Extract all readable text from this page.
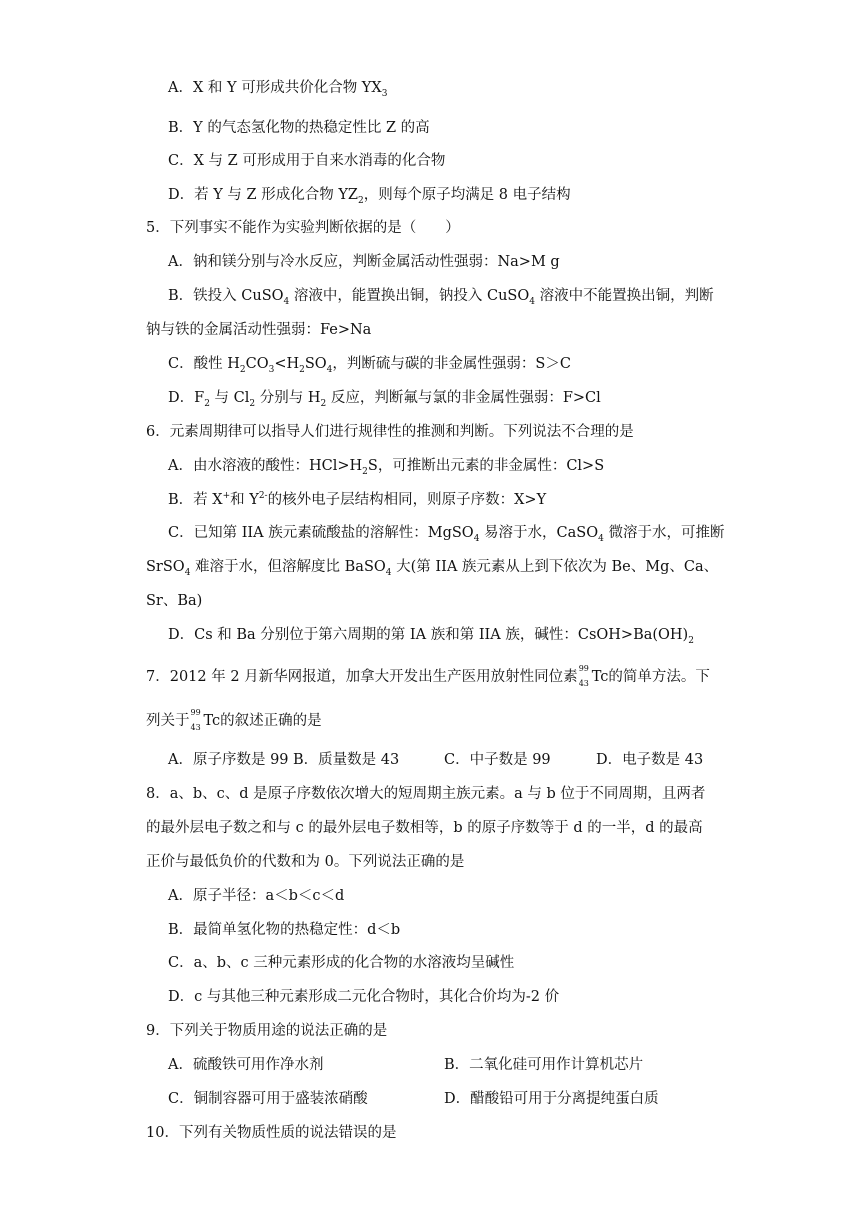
A．X 和 Y 可形成共价化合物 $YX_3$
B．Y 的气态氢化物的热稳定性比 Z 的高
C．X 与 Z 可形成用于自来水消毒的化合物
D．若 Y 与 Z 形成化合物 $YZ_2$，则每个原子均满足 8 电子结构
5．下列事实不能作为实验判断依据的是（　　）
A．钠和镁分别与冷水反应，判断金属活动性强弱：Na>M g
B．铁投入 CuSO$_4$ 溶液中，能置换出铜，钠投入 CuSO$_4$ 溶液中不能置换出铜，判断
钠与铁的金属活动性强弱：Fe>Na
C．酸性 $H_2CO_3<H_2SO_4$，判断硫与碳的非金属性强弱：S＞C
D．$F_2$ 与 $Cl_2$ 分别与 $H_2$ 反应，判断氟与氯的非金属性强弱：F>Cl
6．元素周期律可以指导人们进行规律性的推测和判断。下列说法不合理的是
A．由水溶液的酸性：$HCl>H_2S$，可推断出元素的非金属性：Cl>S
B．若 X+和 $Y^{2-}$的核外电子层结构相同，则原子序数：X>Y
C．已知第 IIA 族元素硫酸盐的溶解性：MgSO$_4$ 易溶于水，CaSO$_4$ 微溶于水，可推断
SrSO$_4$ 难溶于水，但溶解度比 BaSO$_4$ 大(第 IIA 族元素从上到下依次为 Be、Mg、Ca、
Sr、Ba)
D．Cs 和 Ba 分别位于第六周期的第 IA 族和第 IIA 族，碱性：$CsOH>Ba(OH)_2$
7．2012 年 2 月新华网报道，加拿大开发出生产医用放射性同位素
99
43 Tc的简单方法。下
列关于
99
43 Tc的叙述正确的是
A．原子序数是 99 B．质量数是 43	C．中子数是 99	D．电子数是 43
8．a、b、c、d 是原子序数依次增大的短周期主族元素。a 与 b 位于不同周期，且两者
的最外层电子数之和与 c 的最外层电子数相等，b 的原子序数等于 d 的一半，d 的最高
正价与最低负价的代数和为 0。下列说法正确的是
A．原子半径：a＜b＜c＜d
B．最简单氢化物的热稳定性：d＜b
C．a、b、c 三种元素形成的化合物的水溶液均呈碱性
D．c 与其他三种元素形成二元化合物时，其化合价均为-2 价
9．下列关于物质用途的说法正确的是
A．硫酸铁可用作净水剂	B．二氧化硅可用作计算机芯片
C．铜制容器可用于盛装浓硝酸	D．醋酸铅可用于分离提纯蛋白质
10．下列有关物质性质的说法错误的是
